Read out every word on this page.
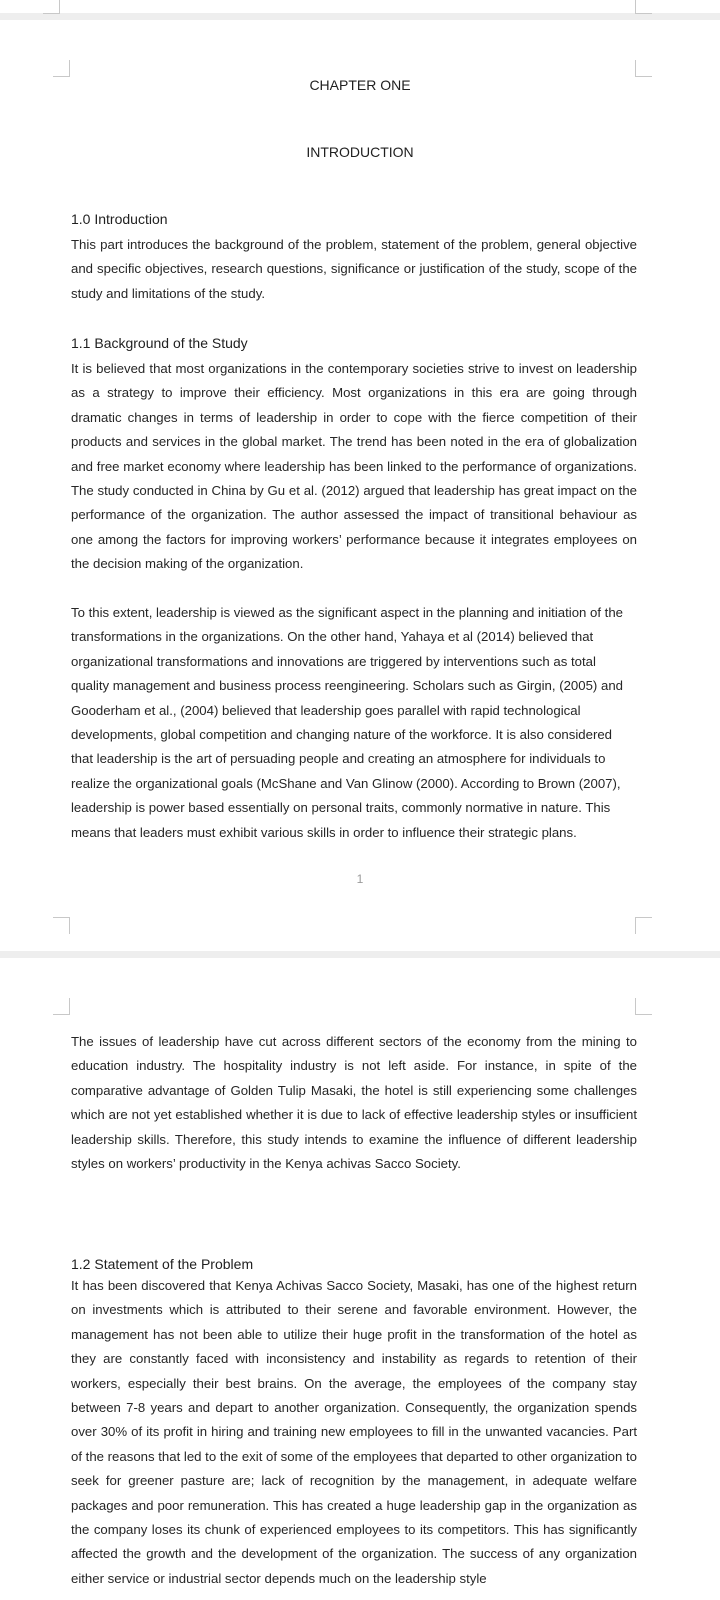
CHAPTER ONE

INTRODUCTION

1.0 Introduction

This part introduces the background of the problem, statement of the problem, general objective and specific objectives, research questions, significance or justification of the study, scope of the study and limitations of the study.

1.1 Background of the Study

It is believed that most organizations in the contemporary societies strive to invest on leadership as a strategy to improve their efficiency. Most organizations in this era are going through dramatic changes in terms of leadership in order to cope with the fierce competition of their products and services in the global market. The trend has been noted in the era of globalization and free market economy where leadership has been linked to the performance of organizations. The study conducted in China by Gu et al. (2012) argued that leadership has great impact on the performance of the organization. The author assessed the impact of transitional behaviour as one among the factors for improving workers’ performance because it integrates employees on the decision making of the organization.

To this extent, leadership is viewed as the significant aspect in the planning and initiation of the transformations in the organizations. On the other hand, Yahaya et al (2014) believed that organizational transformations and innovations are triggered by interventions such as total quality management and business process reengineering. Scholars such as Girgin, (2005) and Gooderham et al., (2004) believed that leadership goes parallel with rapid technological developments, global competition and changing nature of the workforce. It is also considered that leadership is the art of persuading people and creating an atmosphere for individuals to realize the organizational goals (McShane and Van Glinow (2000). According to Brown (2007), leadership is power based essentially on personal traits, commonly normative in nature. This means that leaders must exhibit various skills in order to influence their strategic plans.

1

The issues of leadership have cut across different sectors of the economy from the mining to education industry. The hospitality industry is not left aside. For instance, in spite of the comparative advantage of Golden Tulip Masaki, the hotel is still experiencing some challenges which are not yet established whether it is due to lack of effective leadership styles or insufficient leadership skills. Therefore, this study intends to examine the influence of different leadership styles on workers’ productivity in the Kenya achivas Sacco Society.

1.2 Statement of the Problem

It has been discovered that Kenya Achivas Sacco Society, Masaki, has one of the highest return on investments which is attributed to their serene and favorable environment. However, the management has not been able to utilize their huge profit in the transformation of the hotel as they are constantly faced with inconsistency and instability as regards to retention of their workers, especially their best brains. On the average, the employees of the company stay between 7-8 years and depart to another organization. Consequently, the organization spends over 30% of its profit in hiring and training new employees to fill in the unwanted vacancies. Part of the reasons that led to the exit of some of the employees that departed to other organization to seek for greener pasture are; lack of recognition by the management, in adequate welfare packages and poor remuneration. This has created a huge leadership gap in the organization as the company loses its chunk of experienced employees to its competitors. This has significantly affected the growth and the development of the organization. The success of any organization either service or industrial sector depends much on the leadership style
